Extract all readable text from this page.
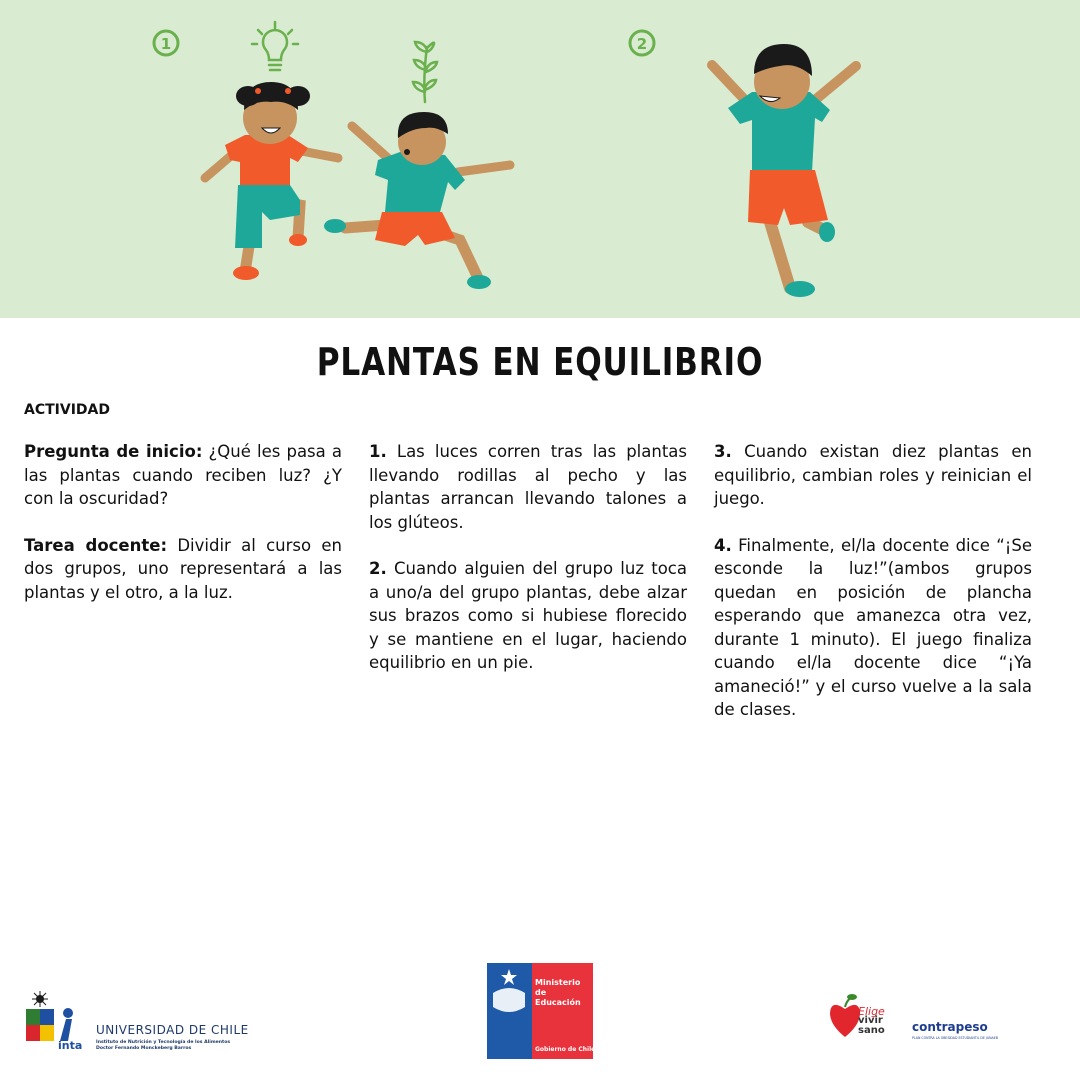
1	2
PLANTAS EN EQUILIBRIO
ACTIVIDAD

Pregunta de inicio: ¿Qué les pasa a las plantas cuando reciben luz? ¿Y con la oscuridad?

Tarea docente: Dividir al curso en dos grupos, uno representará a las plantas y el otro, a la luz.

1. Las luces corren tras las plantas llevando rodillas al pecho y las plantas arrancan llevando talones a los glúteos.

2. Cuando alguien del grupo luz toca a uno/a del grupo plantas, debe alzar sus brazos como si hubiese florecido y se mantiene en el lugar, haciendo equilibrio en un pie.

3. Cuando existan diez plantas en equilibrio, cambian roles y reinician el juego.

4. Finalmente, el/la docente dice “¡Se esconde la luz!”(ambos grupos quedan en posición de plancha esperando que amanezca otra vez, durante 1 minuto). El juego finaliza cuando el/la docente dice “¡Ya amaneció!” y el curso vuelve a la sala de clases.

UNIVERSIDAD DE CHILE
inta	Instituto de Nutrición y Tecnología de los Alimentos
Doctor Fernando Monckeberg Barros
Ministerio de
Educación
Gobierno de Chile
Elige
vivir
sano contrapeso
PLAN CONTRA LA OBESIDAD ESTUDIANTIL DE JUNAEB
